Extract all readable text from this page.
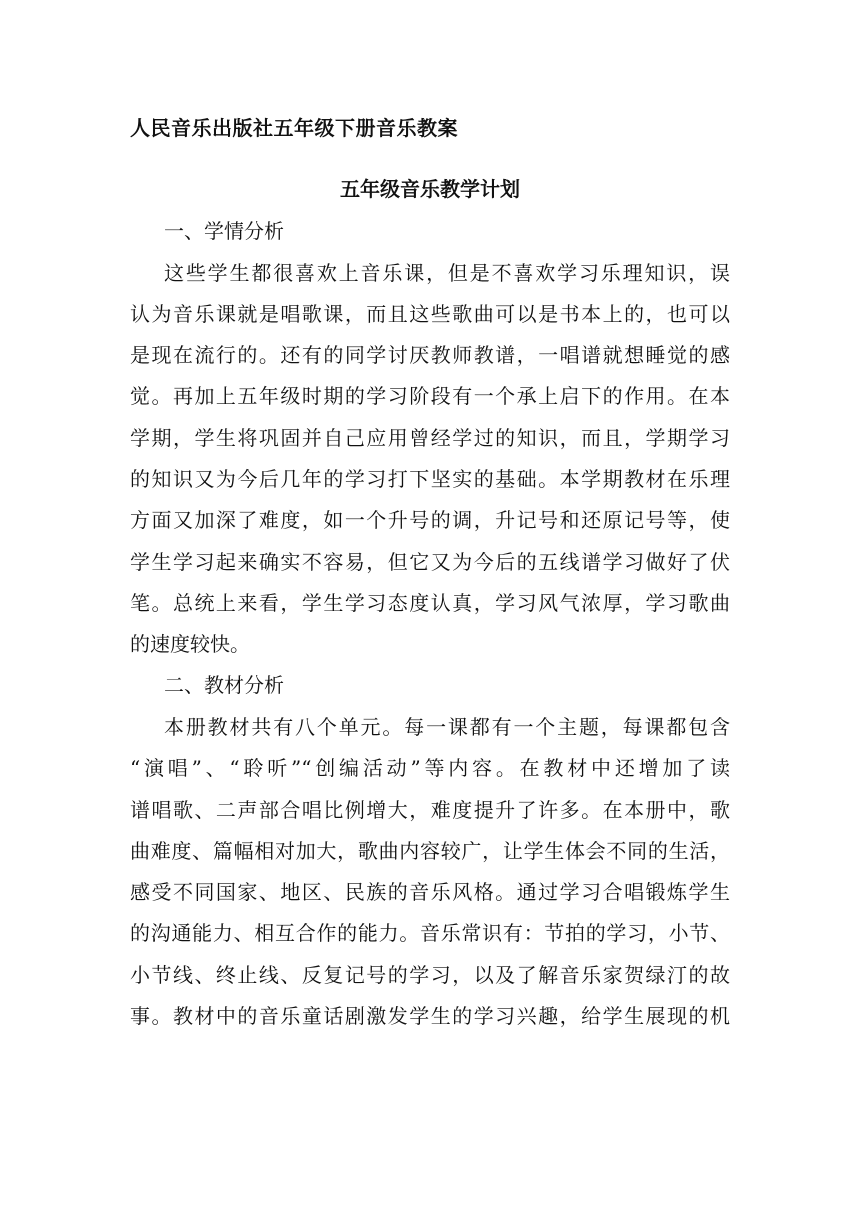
人民音乐出版社五年级下册音乐教案
五年级音乐教学计划
一、学情分析
这些学生都很喜欢上音乐课，但是不喜欢学习乐理知识，误
认为音乐课就是唱歌课，而且这些歌曲可以是书本上的，也可以
是现在流行的。还有的同学讨厌教师教谱，一唱谱就想睡觉的感
觉。再加上五年级时期的学习阶段有一个承上启下的作用。在本
学期，学生将巩固并自己应用曾经学过的知识，而且，学期学习
的知识又为今后几年的学习打下坚实的基础。本学期教材在乐理
方面又加深了难度，如一个升号的调，升记号和还原记号等，使
学生学习起来确实不容易，但它又为今后的五线谱学习做好了伏
笔。总统上来看，学生学习态度认真，学习风气浓厚，学习歌曲
的速度较快。
二、教材分析
本册教材共有八个单元。每一课都有一个主题，每课都包含
“演唱”、“聆听”“创编活动”等内容。在教材中还增加了读
谱唱歌、二声部合唱比例增大，难度提升了许多。在本册中，歌
曲难度、篇幅相对加大，歌曲内容较广，让学生体会不同的生活，
感受不同国家、地区、民族的音乐风格。通过学习合唱锻炼学生
的沟通能力、相互合作的能力。音乐常识有：节拍的学习，小节、
小节线、终止线、反复记号的学习，以及了解音乐家贺绿汀的故
事。教材中的音乐童话剧激发学生的学习兴趣，给学生展现的机
